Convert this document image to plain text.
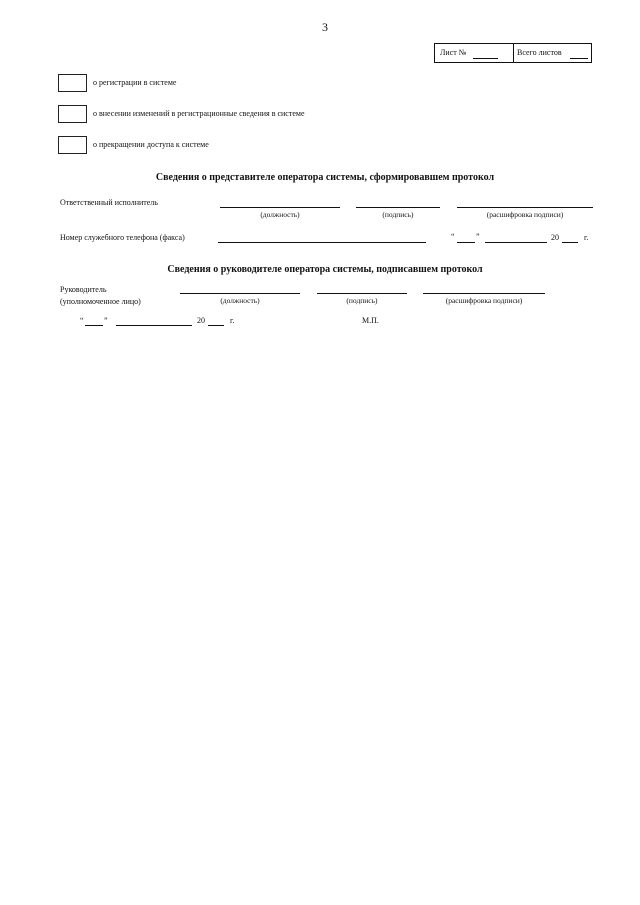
3
Лист №	Всего листов
о регистрации в системе
о внесении изменений в регистрационные сведения в системе
о прекращении доступа к системе
Сведения о представителе оператора системы, сформировавшем протокол
Ответственный исполнитель
(должность)	(подпись)	(расшифровка подписи)
Номер служебного телефона (факса)	“	”	20	г.
Сведения о руководителе оператора системы, подписавшем протокол
Руководитель
(уполномоченное лицо)	(должность)	(подпись)	(расшифровка подписи)
“	”	20	г.	М.П.
